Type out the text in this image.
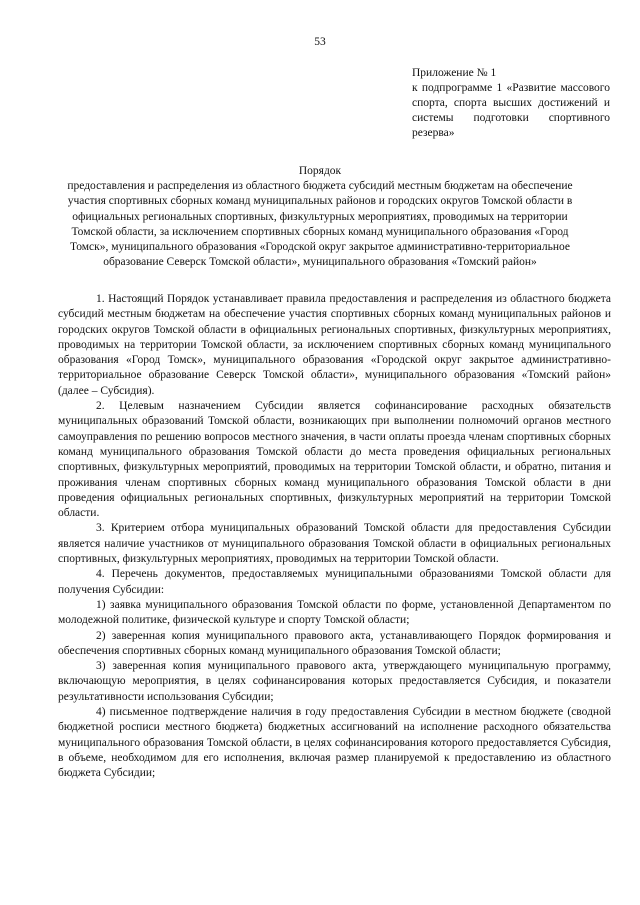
53
Приложение № 1
к подпрограмме 1 «Развитие массового спорта, спорта высших достижений и системы подготовки спортивного резерва»
Порядок
предоставления и распределения из областного бюджета субсидий местным бюджетам на обеспечение участия спортивных сборных команд муниципальных районов и городских округов Томской области в официальных региональных спортивных, физкультурных мероприятиях, проводимых на территории Томской области, за исключением спортивных сборных команд муниципального образования «Город Томск», муниципального образования «Городской округ закрытое административно-территориальное образование Северск Томской области», муниципального образования «Томский район»

1. Настоящий Порядок устанавливает правила предоставления и распределения из областного бюджета субсидий местным бюджетам на обеспечение участия спортивных сборных команд муниципальных районов и городских округов Томской области в официальных региональных спортивных, физкультурных мероприятиях, проводимых на территории Томской области, за исключением спортивных сборных команд муниципального образования «Город Томск», муниципального образования «Городской округ закрытое административно-территориальное образование Северск Томской области», муниципального образования «Томский район» (далее – Субсидия).

2. Целевым назначением Субсидии является софинансирование расходных обязательств муниципальных образований Томской области, возникающих при выполнении полномочий органов местного самоуправления по решению вопросов местного значения, в части оплаты проезда членам спортивных сборных команд муниципального образования Томской области до места проведения официальных региональных спортивных, физкультурных мероприятий, проводимых на территории Томской области, и обратно, питания и проживания членам спортивных сборных команд муниципального образования Томской области в дни проведения официальных региональных спортивных, физкультурных мероприятий на территории Томской области.

3. Критерием отбора муниципальных образований Томской области для предоставления Субсидии является наличие участников от муниципального образования Томской области в официальных региональных спортивных, физкультурных мероприятиях, проводимых на территории Томской области.

4. Перечень документов, предоставляемых муниципальными образованиями Томской области для получения Субсидии:

1) заявка муниципального образования Томской области по форме, установленной Департаментом по молодежной политике, физической культуре и спорту Томской области;

2) заверенная копия муниципального правового акта, устанавливающего Порядок формирования и обеспечения спортивных сборных команд муниципального образования Томской области;

3) заверенная копия муниципального правового акта, утверждающего муниципальную программу, включающую мероприятия, в целях софинансирования которых предоставляется Субсидия, и показатели результативности использования Субсидии;

4) письменное подтверждение наличия в году предоставления Субсидии в местном бюджете (сводной бюджетной росписи местного бюджета) бюджетных ассигнований на исполнение расходного обязательства муниципального образования Томской области, в целях софинансирования которого предоставляется Субсидия, в объеме, необходимом для его исполнения, включая размер планируемой к предоставлению из областного бюджета Субсидии;
